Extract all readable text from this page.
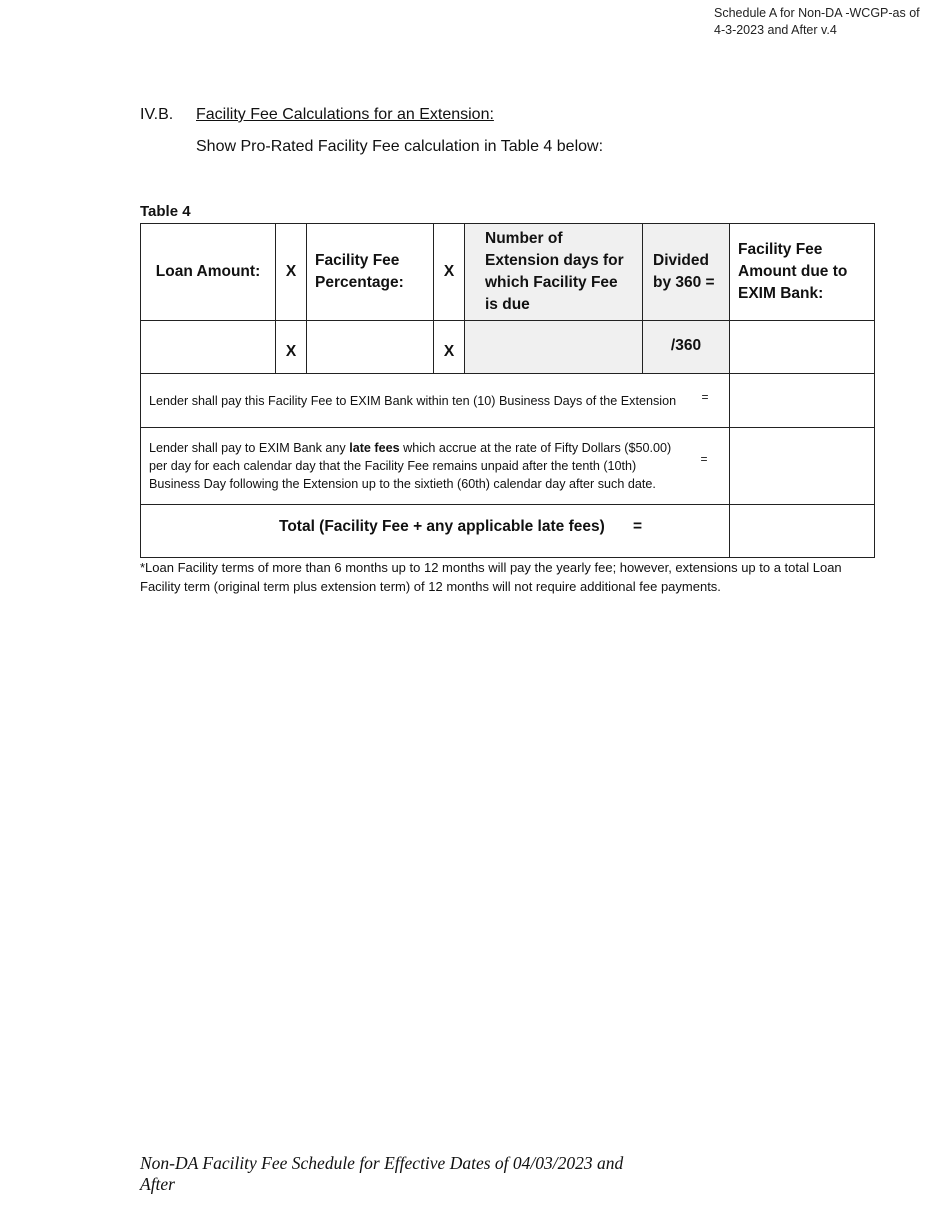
Schedule A for Non-DA -WCGP-as of 4-3-2023 and After v.4
IV.B. Facility Fee Calculations for an Extension:
Show Pro-Rated Facility Fee calculation in Table 4 below:
Table 4
Loan Amount:	X	Facility Fee Percentage:	X	Number of Extension days for which Facility Fee is due	Divided by 360 =	Facility Fee Amount due to EXIM Bank:
	X		X		/360	

Lender shall pay this Facility Fee to EXIM Bank within ten (10) Business Days of the Extension =						

Lender shall pay to EXIM Bank any late fees which accrue at the rate of Fifty Dollars ($50.00) per day for each calendar day that the Facility Fee remains unpaid after the tenth (10th) Business Day following the Extension up to the sixtieth (60th) calendar day after such date.
=						

Total (Facility Fee + any applicable late fees) =						

*Loan Facility terms of more than 6 months up to 12 months will pay the yearly fee; however, extensions up to a total Loan Facility term (original term plus extension term) of 12 months will not require additional fee payments.
Non-DA Facility Fee Schedule for Effective Dates of 04/03/2023 and After
